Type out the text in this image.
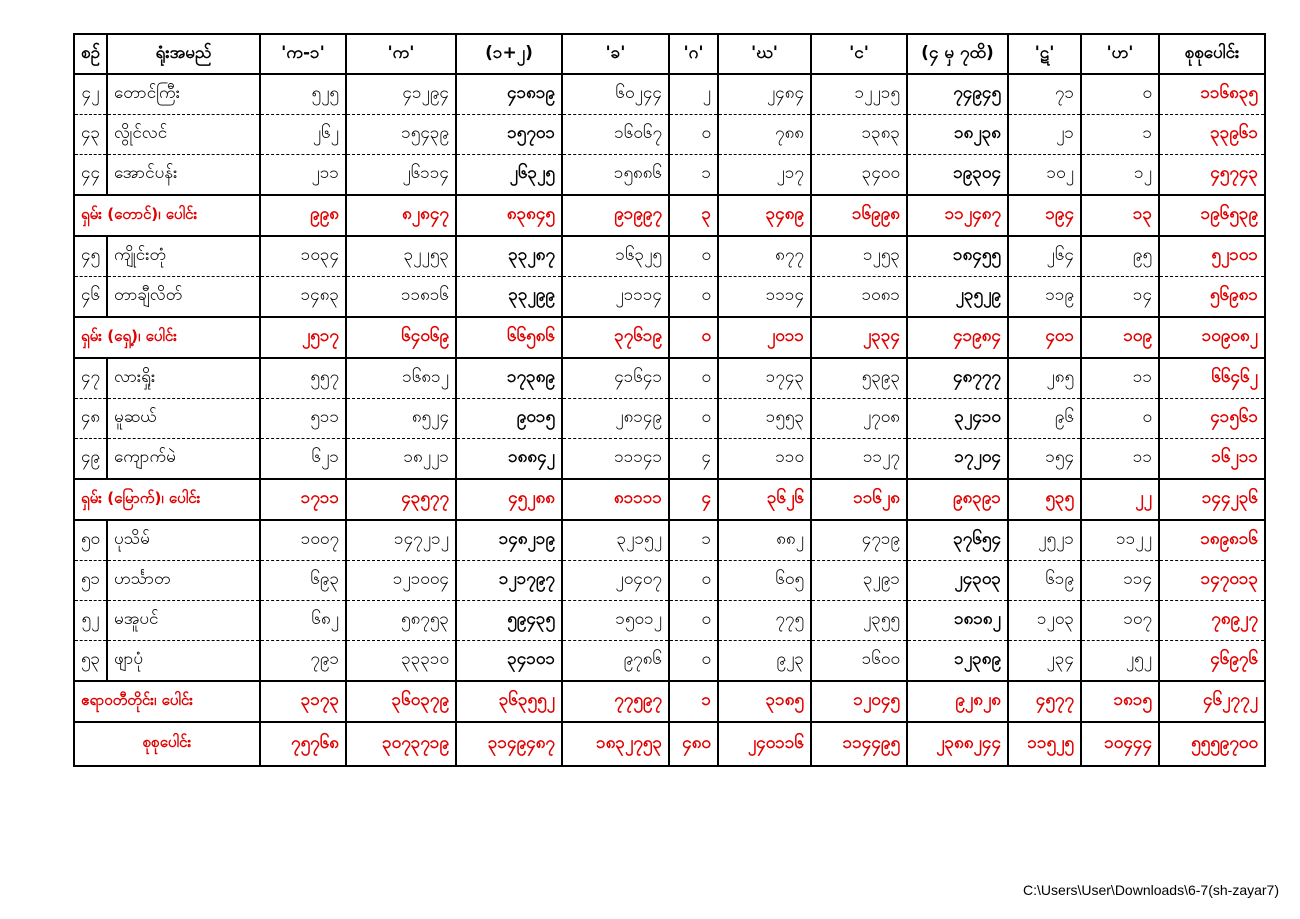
စဉ်	ရုံးအမည်	'က-၁'	'က'	(၁+၂)	'ခ'	'ဂ'	'ဃ'	'င'	(၄ မှ ၇ထိ)	'ဋ'	'ဟ'	စုစုပေါင်း
၄၂	တောင်ကြီး	၅၂၅	၄၁၂၉၄	၄၁၈၁၉	၆၀၂၄၄	၂	၂၄၈၄	၁၂၂၁၅	၇၄၉၄၅	၇၁	၀	၁၁၆၈၃၅
၄၃	လွိုင်လင်	၂၆၂	၁၅၄၃၉	၁၅၇၀၁	၁၆၀၆၇	၀	၇၈၈	၁၃၈၃	၁၈၂၃၈	၂၁	၁	၃၃၉၆၁
၄၄	အောင်ပန်း	၂၁၁	၂၆၁၁၄	၂၆၃၂၅	၁၅၈၈၆	၁	၂၁၇	၃၄၀၀	၁၉၃၀၄	၁၀၂	၁၂	၄၅၇၄၃
ရှမ်း (တောင်)၊ ပေါင်း		၉၉၈	၈၂၈၄၇	၈၃၈၄၅	၉၁၉၉၇	၃	၃၄၈၉	၁၆၉၉၈	၁၁၂၄၈၇	၁၉၄	၁၃	၁၉၆၅၃၉
၄၅	ကျိုင်းတုံ	၁၀၃၄	၃၂၂၅၃	၃၃၂၈၇	၁၆၃၂၅	၀	၈၇၇	၁၂၅၃	၁၈၄၅၅	၂၆၄	၉၅	၅၂၁၀၁
၄၆	တာချီလိတ်	၁၄၈၃	၁၁၈၁၆	၃၃၂၉၉	၂၁၁၁၄	၀	၁၁၁၄	၁၀၈၁	၂၃၅၂၉	၁၁၉	၁၄	၅၆၉၈၁
ရှမ်း (ရှေ့)၊ ပေါင်း		၂၅၁၇	၆၄၀၆၉	၆၆၅၈၆	၃၇၆၁၉	၀	၂၀၁၁	၂၃၃၄	၄၁၉၈၄	၄၀၁	၁၀၉	၁၀၉၀၈၂
၄၇	လားရှိုး	၅၅၇	၁၆၈၁၂	၁၇၃၈၉	၄၁၆၄၁	၀	၁၇၄၃	၅၃၉၃	၄၈၇၇၇	၂၈၅	၁၁	၆၆၄၆၂
၄၈	မူဆယ်	၅၁၁	၈၅၂၄	၉၀၁၅	၂၈၁၄၉	၀	၁၅၅၃	၂၇၀၈	၃၂၄၁၀	၉၆	၀	၄၁၅၆၁
၄၉	ကျောက်မဲ	၆၂၁	၁၈၂၂၁	၁၈၈၄၂	၁၁၁၄၁	၄	၁၁၀	၁၁၂၇	၁၇၂၀၄	၁၅၄	၁၁	၁၆၂၁၁
ရှမ်း (မြောက်)၊ ပေါင်း		၁၇၁၁	၄၃၅၇၇	၄၅၂၈၈	၈၁၁၁၁	၄	၃၆၂၆	၁၁၆၂၈	၉၈၃၉၁	၅၃၅	၂၂	၁၄၄၂၃၆
၅၀	ပုသိမ်	၁၀၀၇	၁၄၇၂၁၂	၁၄၈၂၁၉	၃၂၁၅၂	၁	၈၈၂	၄၇၁၉	၃၇၆၅၄	၂၅၂၁	၁၁၂၂	၁၈၉၈၁၆
၅၁	ဟင်္သာတ	၆၉၃	၁၂၁၀၀၄	၁၂၁၇၉၇	၂၀၄၀၇	၀	၆၀၅	၃၂၉၁	၂၄၃၀၃	၆၁၉	၁၁၄	၁၄၇၀၁၃
၅၂	မအူပင်	၆၈၂	၅၈၇၅၃	၅၉၄၃၅	၁၅၀၁၂	၀	၇၇၅	၂၃၅၅	၁၈၁၈၂	၁၂၀၃	၁၀၇	၇၈၉၂၇
၅၃	ဖျာပုံ	၇၉၁	၃၃၃၁၀	၃၄၁၀၁	၉၇၈၆	၀	၉၂၃	၁၆၀၀	၁၂၃၈၉	၂၃၄	၂၅၂	၄၆၉၇၆
ဧရာဝတီတိုင်း၊ ပေါင်း		၃၁၇၃	၃၆၀၃၇၉	၃၆၃၅၅၂	၇၇၅၉၇	၁	၃၁၈၅	၁၂၀၄၅	၉၂၈၂၈	၄၅၇၇	၁၈၁၅	၄၆၂၇၇၂
စုစုပေါင်း		၇၅၇၆၈	၃၀၇၃၇၁၉	၃၁၄၉၄၈၇	၁၈၃၂၇၅၃	၄၈၀	၂၄၀၁၁၆	၁၁၄၄၉၅	၂၃၈၈၂၄၄	၁၁၅၂၅	၁၀၄၄၄	၅၅၅၉၇၀၀
C:\Users\User\Downloads\6-7(sh-zayar7)
